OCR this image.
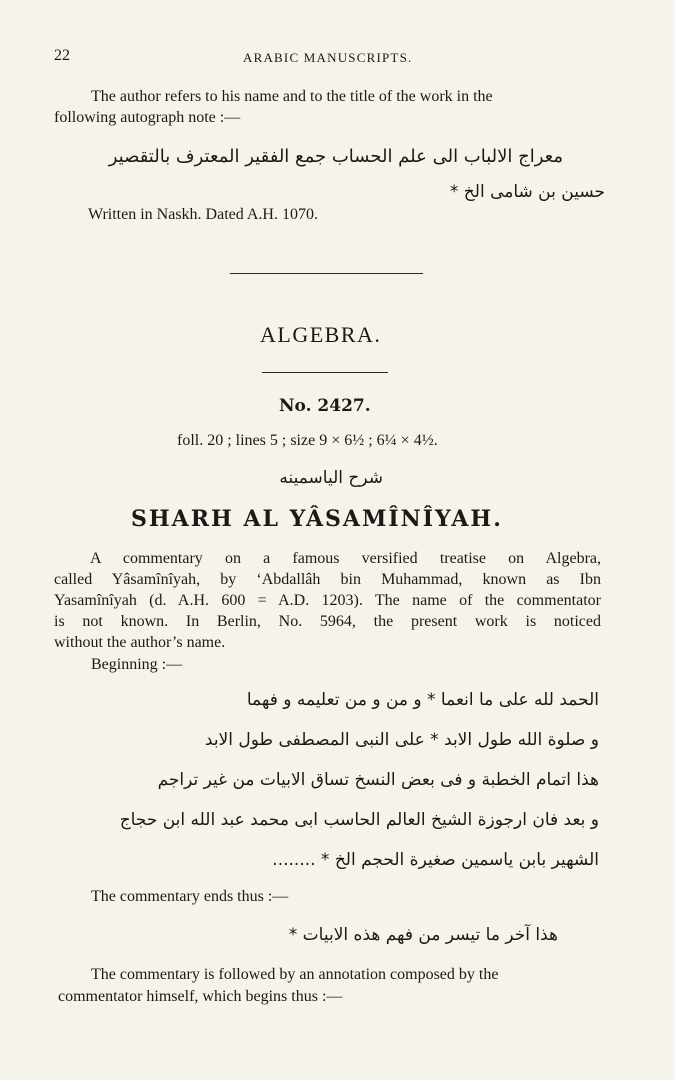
22	ARABIC MANUSCRIPTS.
The author refers to his name and to the title of the work in the
following autograph note :—
معراج الالباب الى علم الحساب جمع الفقير المعترف بالتقصير
حسين بن شامى الخ *
Written in Naskh. Dated A.H. 1070.
ALGEBRA.
No. 2427.
foll. 20 ; lines 5 ; size 9 × 6½ ; 6¼ × 4½.
شرح الياسمينه
SHARH AL YÂSAMÎNÎYAH.
A commentary on a famous versified treatise on Algebra,
called Yâsamînîyah, by ‘Abdallâh bin Muhammad, known as Ibn
Yasamînîyah (d. A.H. 600 = A.D. 1203). The name of the commentator
is not known. In Berlin, No. 5964, the present work is noticed
without the author’s name.
Beginning :—
الحمد لله على ما انعما * و من و من تعليمه و فهما
و صلوة الله طول الابد * على النبى المصطفى طول الابد
هذا اتمام الخطبة و فى بعض النسخ تساق الابيات من غير تراجم
و بعد فان ارجوزة الشيخ العالم الحاسب ابى محمد عبد الله ابن حجاج
الشهير بابن ياسمين صغيرة الحجم الخ * ........
The commentary ends thus :—
هذا آخر ما تيسر من فهم هذه الابيات *
The commentary is followed by an annotation composed by the
commentator himself, which begins thus :—
